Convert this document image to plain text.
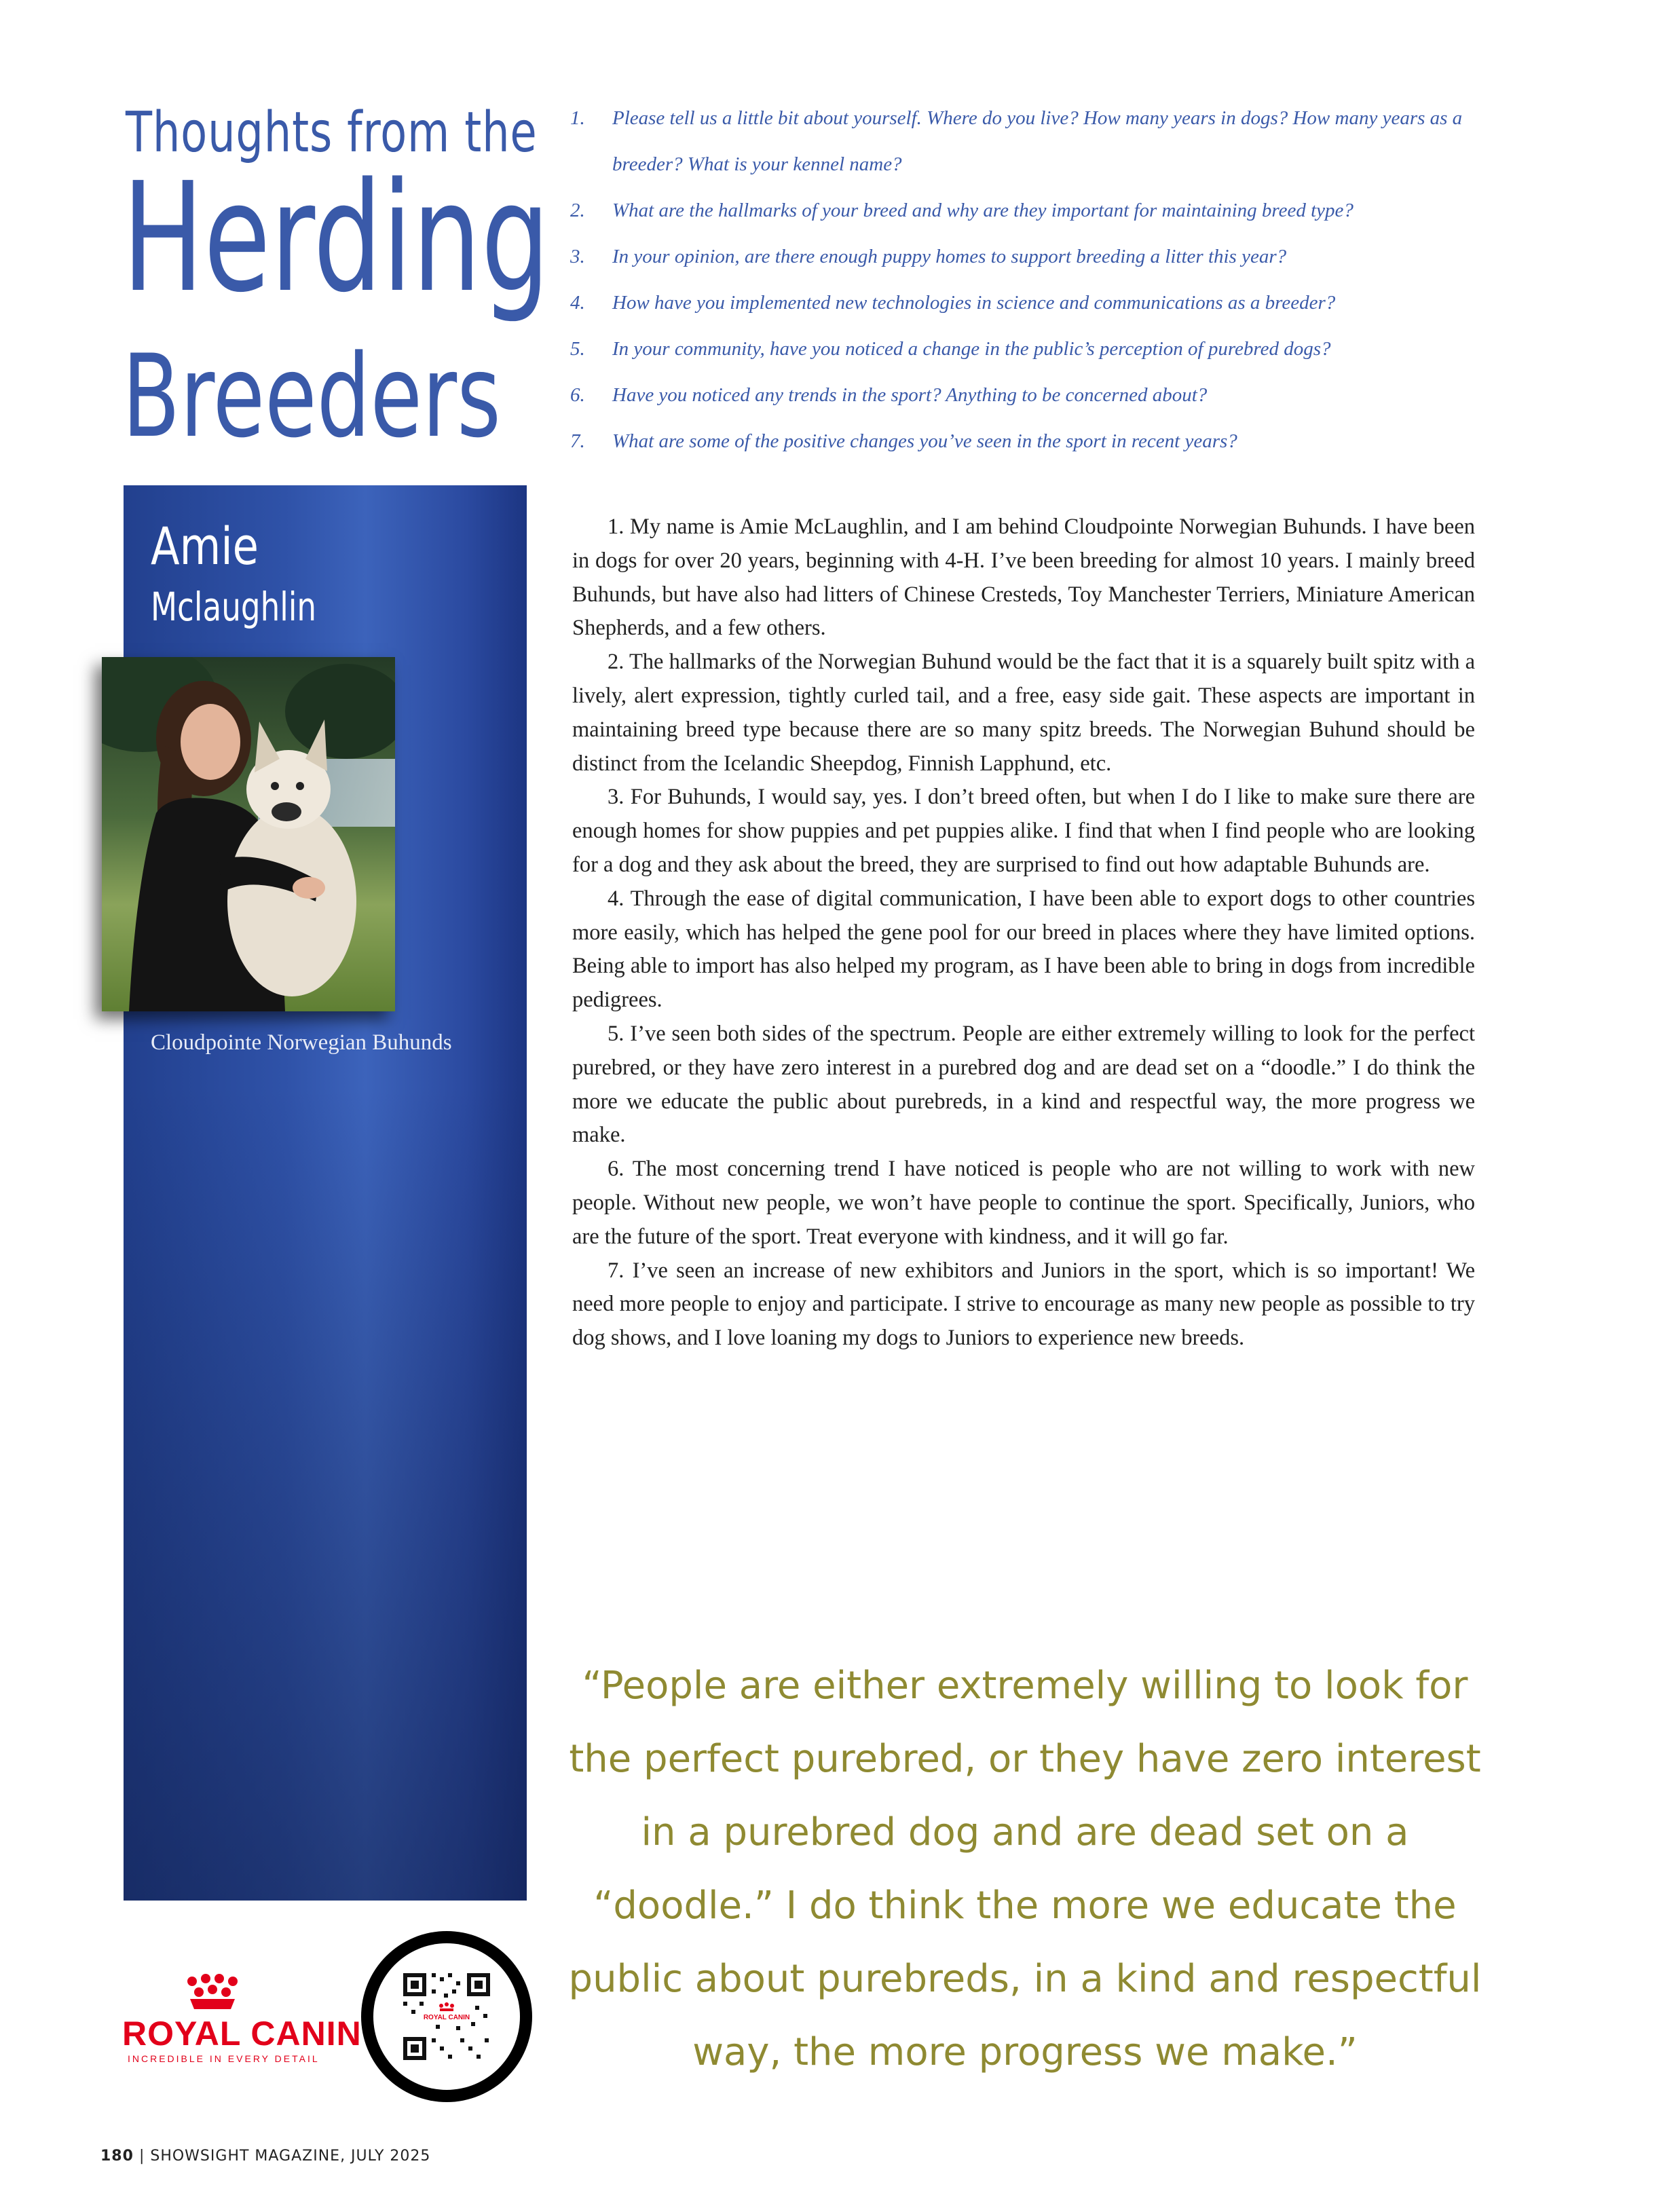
Thoughts from the
Herding
Breeders
1. Please tell us a little bit about yourself. Where do you live? How many years in dogs? How many years as a breeder? What is your kennel name?
2. What are the hallmarks of your breed and why are they important for maintaining breed type?
3. In your opinion, are there enough puppy homes to support breeding a litter this year?
4. How have you implemented new technologies in science and communications as a breeder?
5. In your community, have you noticed a change in the public’s perception of purebred dogs?
6. Have you noticed any trends in the sport? Anything to be concerned about?
7. What are some of the positive changes you’ve seen in the sport in recent years?
Amie
Mclaughlin
Cloudpointe Norwegian Buhunds

1. My name is Amie McLaughlin, and I am behind Cloudpointe Norwegian Buhunds. I have been in dogs for over 20 years, beginning with 4-H. I’ve been breeding for almost 10 years. I mainly breed Buhunds, but have also had litters of Chinese Cresteds, Toy Manchester Terriers, Miniature American Shepherds, and a few others.

2. The hallmarks of the Norwegian Buhund would be the fact that it is a squarely built spitz with a lively, alert expression, tightly curled tail, and a free, easy side gait. These aspects are important in maintaining breed type because there are so many spitz breeds. The Norwegian Buhund should be distinct from the Icelandic Sheepdog, Finnish Lapphund, etc.

3. For Buhunds, I would say, yes. I don’t breed often, but when I do I like to make sure there are enough homes for show puppies and pet puppies alike. I find that when I find people who are looking for a dog and they ask about the breed, they are surprised to find out how adaptable Buhunds are.

4. Through the ease of digital communication, I have been able to export dogs to other countries more easily, which has helped the gene pool for our breed in places where they have limited options. Being able to import has also helped my program, as I have been able to bring in dogs from incredible pedigrees.

5. I’ve seen both sides of the spectrum. People are either extremely willing to look for the perfect purebred, or they have zero interest in a purebred dog and are dead set on a “doodle.” I do think the more we educate the public about purebreds, in a kind and respectful way, the more progress we make.

6. The most concerning trend I have noticed is people who are not willing to work with new people. Without new people, we won’t have people to continue the sport. Specifically, Juniors, who are the future of the sport. Treat everyone with kindness, and it will go far.

7. I’ve seen an increase of new exhibitors and Juniors in the sport, which is so important! We need more people to enjoy and participate. I strive to encourage as many new people as possible to try dog shows, and I love loaning my dogs to Juniors to experience new breeds.

“People are either extremely willing to look for the perfect purebred, or they have zero interest in a purebred dog and are dead set on a “doodle.” I do think the more we educate the public about purebreds, in a kind and respectful way, the more progress we make.”
ROYAL CANIN
INCREDIBLE IN EVERY DETAIL
ROYAL CANIN
180 | SHOWSIGHT MAGAZINE, JULY 2025
